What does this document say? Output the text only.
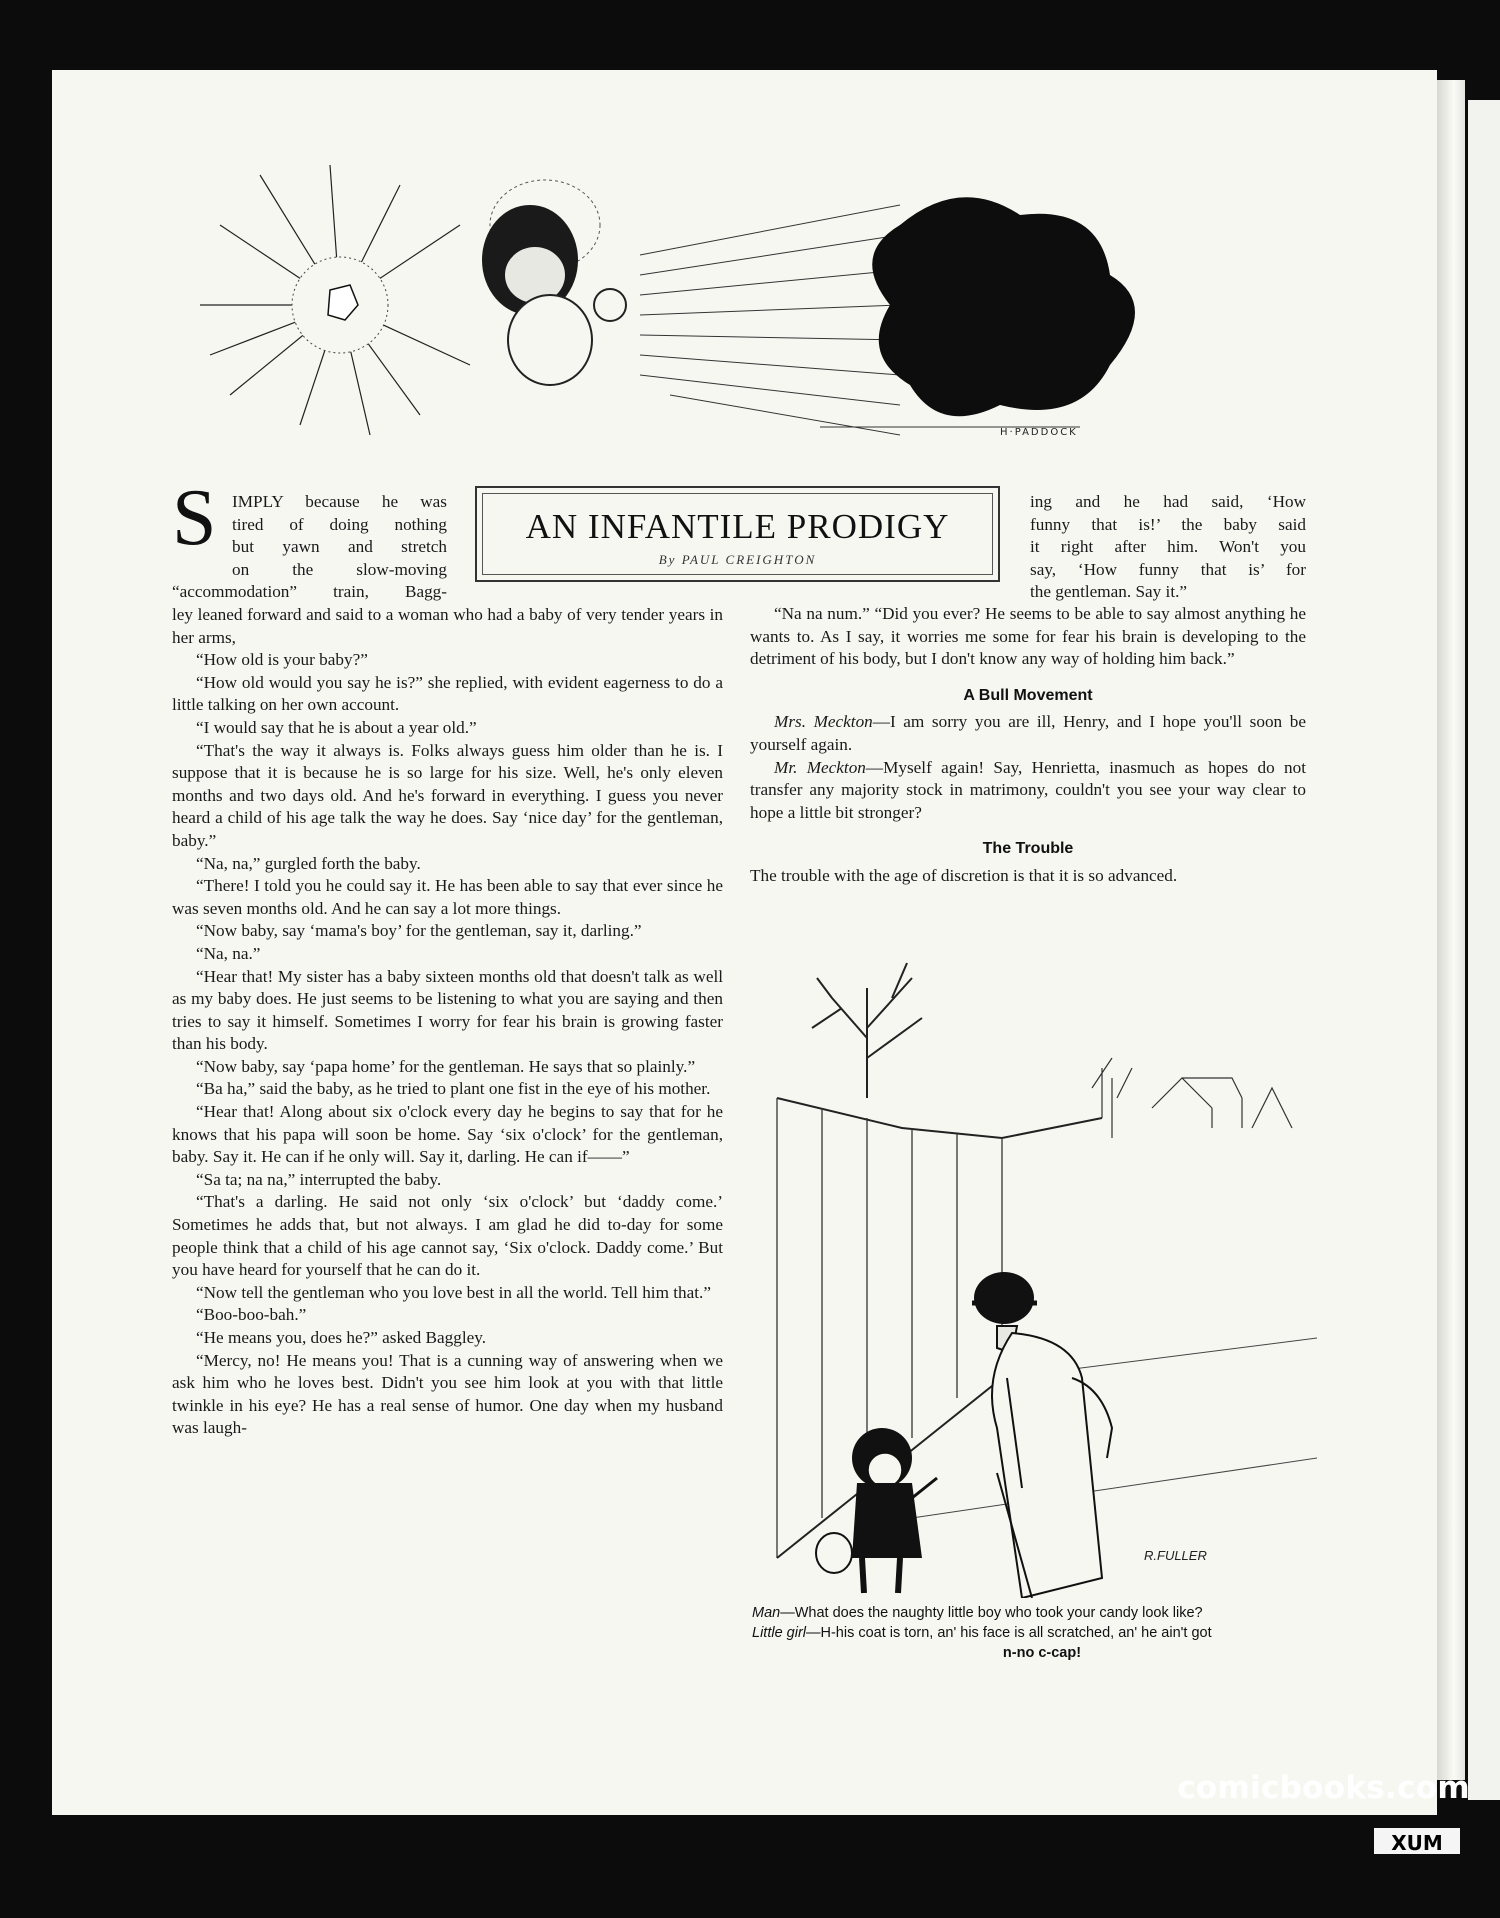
H·PADDOCK
AN INFANTILE PRODIGY
By PAUL CREIGHTON
S IMPLY because he was

tired of doing nothing

but yawn and stretch

on the slow-moving

“accommodation” train, Bagg-

ley leaned forward and said to a woman who had a baby of very tender years in her arms,

“How old is your baby?”

“How old would you say he is?” she replied, with evident eagerness to do a little talking on her own account.

“I would say that he is about a year old.”

“That's the way it always is. Folks always guess him older than he is. I suppose that it is because he is so large for his size. Well, he's only eleven months and two days old. And he's forward in everything. I guess you never heard a child of his age talk the way he does. Say ‘nice day’ for the gentleman, baby.”

“Na, na,” gurgled forth the baby.

“There! I told you he could say it. He has been able to say that ever since he was seven months old. And he can say a lot more things.

“Now baby, say ‘mama's boy’ for the gentleman, say it, darling.”

“Na, na.”

“Hear that! My sister has a baby sixteen months old that doesn't talk as well as my baby does. He just seems to be listening to what you are saying and then tries to say it himself. Sometimes I worry for fear his brain is growing faster than his body.

“Now baby, say ‘papa home’ for the gentleman. He says that so plainly.”

“Ba ha,” said the baby, as he tried to plant one fist in the eye of his mother.

“Hear that! Along about six o'clock every day he begins to say that for he knows that his papa will soon be home. Say ‘six o'clock’ for the gentleman, baby. Say it. He can if he only will. Say it, darling. He can if——”

“Sa ta; na na,” interrupted the baby.

“That's a darling. He said not only ‘six o'clock’ but ‘daddy come.’ Sometimes he adds that, but not always. I am glad he did to-day for some people think that a child of his age cannot say, ‘Six o'clock. Daddy come.’ But you have heard for yourself that he can do it.

“Now tell the gentleman who you love best in all the world. Tell him that.”

“Boo-boo-bah.”

“He means you, does he?” asked Baggley.

“Mercy, no! He means you! That is a cunning way of answering when we ask him who he loves best. Didn't you see him look at you with that little twinkle in his eye? He has a real sense of humor. One day when my husband was laugh-

ing and he had said, ‘How

funny that is!’ the baby said

it right after him. Won't you

say, ‘How funny that is’ for

the gentleman. Say it.”

“Na na num.” “Did you ever? He seems to be able to say almost anything he wants to. As I say, it worries me some for fear his brain is developing to the detriment of his body, but I don't know any way of holding him back.”

A Bull Movement

Mrs. Meckton—I am sorry you are ill, Henry, and I hope you'll soon be yourself again.

Mr. Meckton—Myself again! Say, Henrietta, inasmuch as hopes do not transfer any majority stock in matrimony, couldn't you see your way clear to hope a little bit stronger?

The Trouble

The trouble with the age of discretion is that it is so advanced.

R.FULLER
Man—What does the naughty little boy who took your candy look like?
Little girl—H-his coat is torn, an' his face is all scratched, an' he ain't got
n-no c-cap!
comicbooks.com
XUM
